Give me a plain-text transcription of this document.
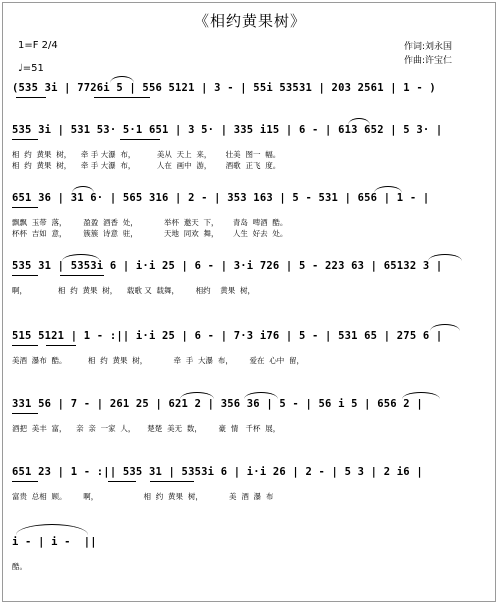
《相约黄果树》
1=F 2/4
♩=51
作词:刘永国
作曲:许宝仁
(535 3i | 7726i 5 | 556 5121 | 3 - | 55i 53531 | 203 2561 | 1 - )
535 3i | 531 53· 5·1 651 | 3 5· | 335 i15 | 6 - | 613 652 | 5 3· |
相  约  黄果  树，    牵 手 大瀑  布，         美从  天上  来，      壮美  图一  幅。
相  约  黄果  树，    牵 手 大瀑  布，         人在  画中  游，      酒歌  正飞  度。
651 36 | 31 6· | 565 316 | 2 - | 353 163 | 5 - 531 | 656 | 1 - |
飘飘  玉带  落，       盈盈  酒香  处，           举杯  邀天  下，      青岛  啤酒  酷。
杯杯  吉如  意，       簇簇  诗意  驻，           天地  同欢  舞，      人生  好去  处。
535 31 | 5353i 6 | i·i 25 | 6 - | 3·i 726 | 5 - 223 63 | 65132 3 |
啊，             相  约  黄果  树，    载歌 又  载舞，       相约    黄果  树，
515 5121 | 1 - :|| i·i 25 | 6 - | 7·3 i76 | 5 - | 531 65 | 275 6 |
美酒  瀑布  酷。         相  约  黄果  树，           牵  手  大瀑  布，       爱在  心中  留，
331 56 | 7 - | 261 25 | 621 2 | 356 36 | 5 - | 56 i 5 | 656 2 |
酒把  美丰  富，    亲  亲  一家  人，     楚楚  美无  数，       豪  情   千杯  展，
651 23 | 1 - :|| 535 31 | 5353i 6 | i·i 26 | 2 - | 5 3 | 2 i6 |
富贵  总相  顾。       啊，                   相  约  黄果  树，           美  酒  瀑  布
i - | i -  ||
酷。
